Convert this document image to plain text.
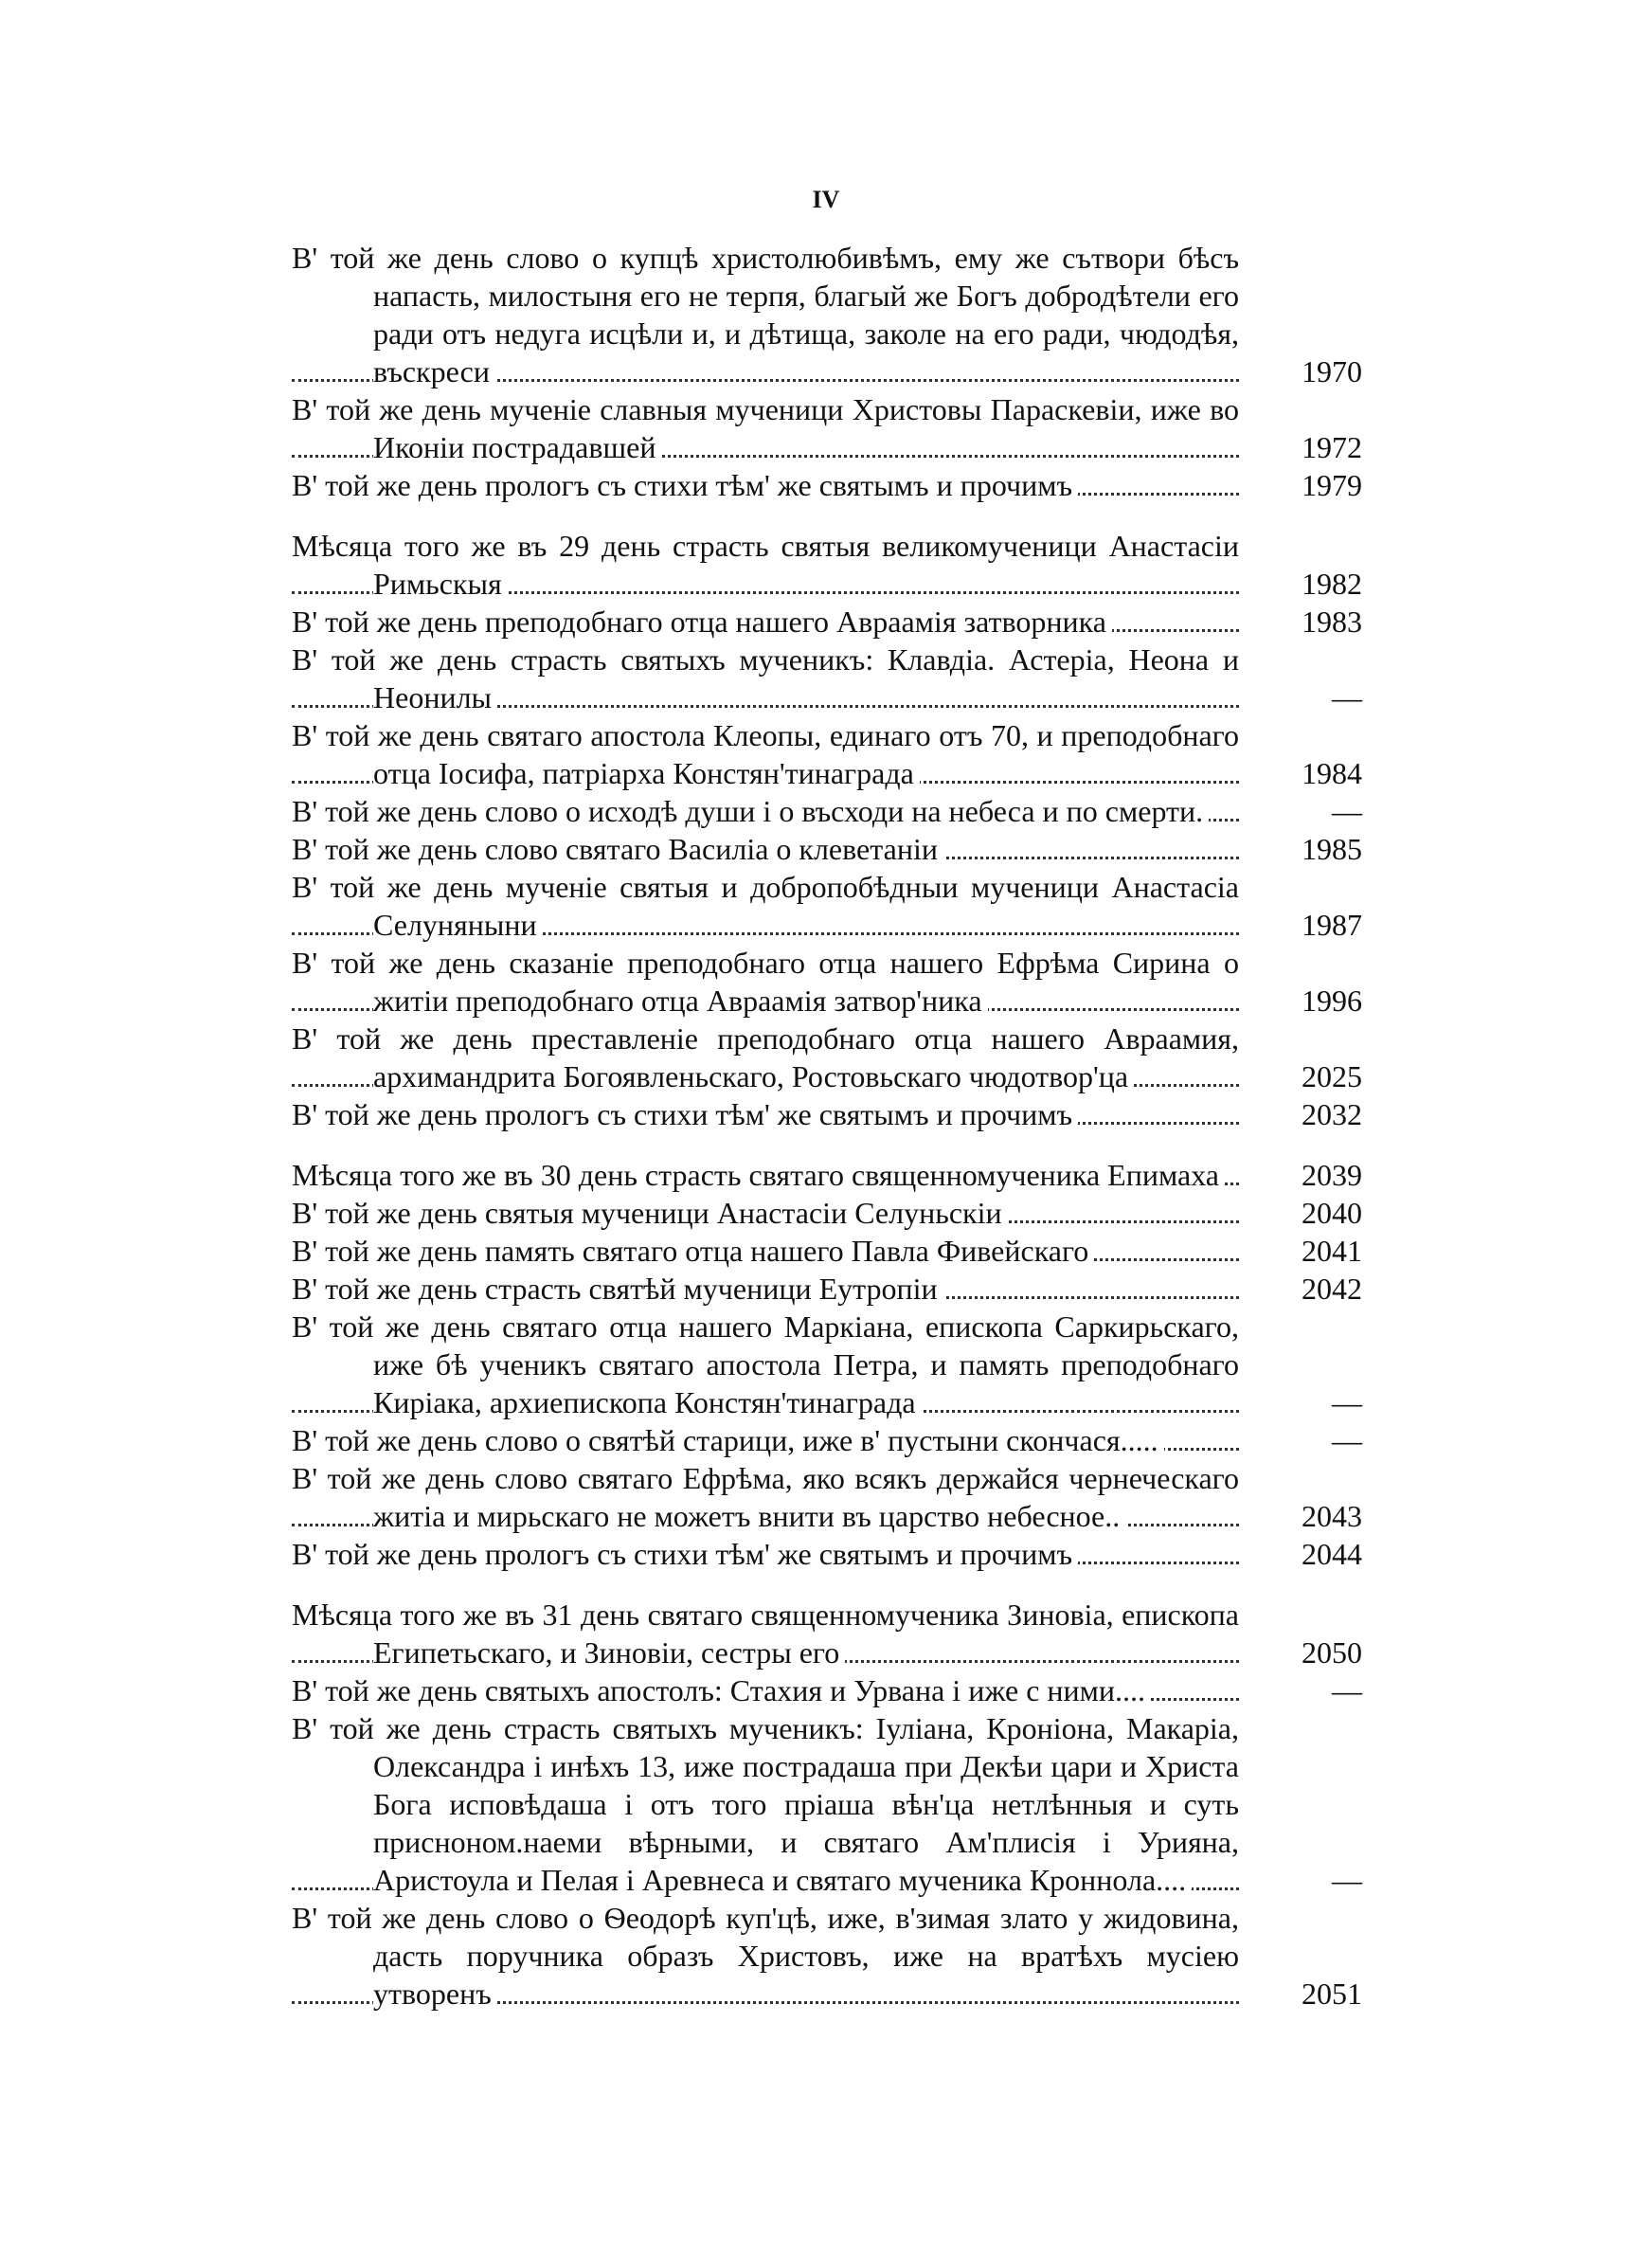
IV
В' той же день слово о купцѣ христолюбивѣмъ, ему же сътвори бѣсъ напасть, милостыня его не терпя, благый же Богъ добродѣтели его ради отъ недуга исцѣли и, и дѣтища, заколе на его ради, чюдодѣя, въскреси	1970
В' той же день мученіе славныя мученици Христовы Параскевіи, иже во Иконіи пострадавшей	1972
В' той же день прологъ съ стихи тѣм' же святымъ и прочимъ	1979
Мѣсяца того же въ 29 день страсть святыя великомученици Анастасіи Римьскыя	1982
В' той же день преподобнаго отца нашего Авраамія затворника	1983
В' той же день страсть святыхъ мученикъ: Клавдіа. Астеріа, Неона и Неонилы	—
В' той же день святаго апостола Клеопы, единаго отъ 70, и преподобнаго отца Іосифа, патріарха Констян'тинаграда	1984
В' той же день слово о исходѣ души і о въсходи на небеса и по смерти.	—
В' той же день слово святаго Василіа о клеветаніи	1985
В' той же день мученіе святыя и добропобѣдныи мученици Анастасіа Селуняныни	1987
В' той же день сказаніе преподобнаго отца нашего Ефрѣма Сирина о житіи преподобнаго отца Авраамія затвор'ника	1996
В' той же день преставленіе преподобнаго отца нашего Авраамия, архимандрита Богоявленьскаго, Ростовьскаго чюдотвор'ца	2025
В' той же день прологъ съ стихи тѣм' же святымъ и прочимъ	2032
Мѣсяца того же въ 30 день страсть святаго священномученика Епимаха	2039
В' той же день святыя мученици Анастасіи Селуньскіи	2040
В' той же день память святаго отца нашего Павла Фивейскаго	2041
В' той же день страсть святѣй мученици Еутропіи	2042
В' той же день святаго отца нашего Маркіана, епископа Саркирьскаго, иже бѣ ученикъ святаго апостола Петра, и память преподобнаго Киріака, архиепископа Констян'тинаграда	—
В' той же день слово о святѣй старици, иже в' пустыни скончася.....	—
В' той же день слово святаго Ефрѣма, яко всякъ держайся чернеческаго житіа и мирьскаго не можетъ внити въ царство небесное..	2043
В' той же день прологъ съ стихи тѣм' же святымъ и прочимъ	2044
Мѣсяца того же въ 31 день святаго священномученика Зиновіа, епископа Египетьскаго, и Зиновіи, сестры его	2050
В' той же день святыхъ апостолъ: Стахия и Урвана і иже с ними....	—
В' той же день страсть святыхъ мученикъ: Іуліана, Кроніона, Макаріа, Олександра і инѣхъ 13, иже пострадаша при Декѣи цари и Христа Бога исповѣдаша і отъ того пріаша вѣн'ца нетлѣнныя и суть присноном.наеми вѣрными, и святаго Ам'плисія і Урияна, Аристоула и Пелая і Аревнеса и святаго мученика Кроннола....	—
В' той же день слово о Ѳеодорѣ куп'цѣ, иже, в'зимая злато у жидовина, дасть поручника образъ Христовъ, иже на вратѣхъ мусiею утворенъ	2051
